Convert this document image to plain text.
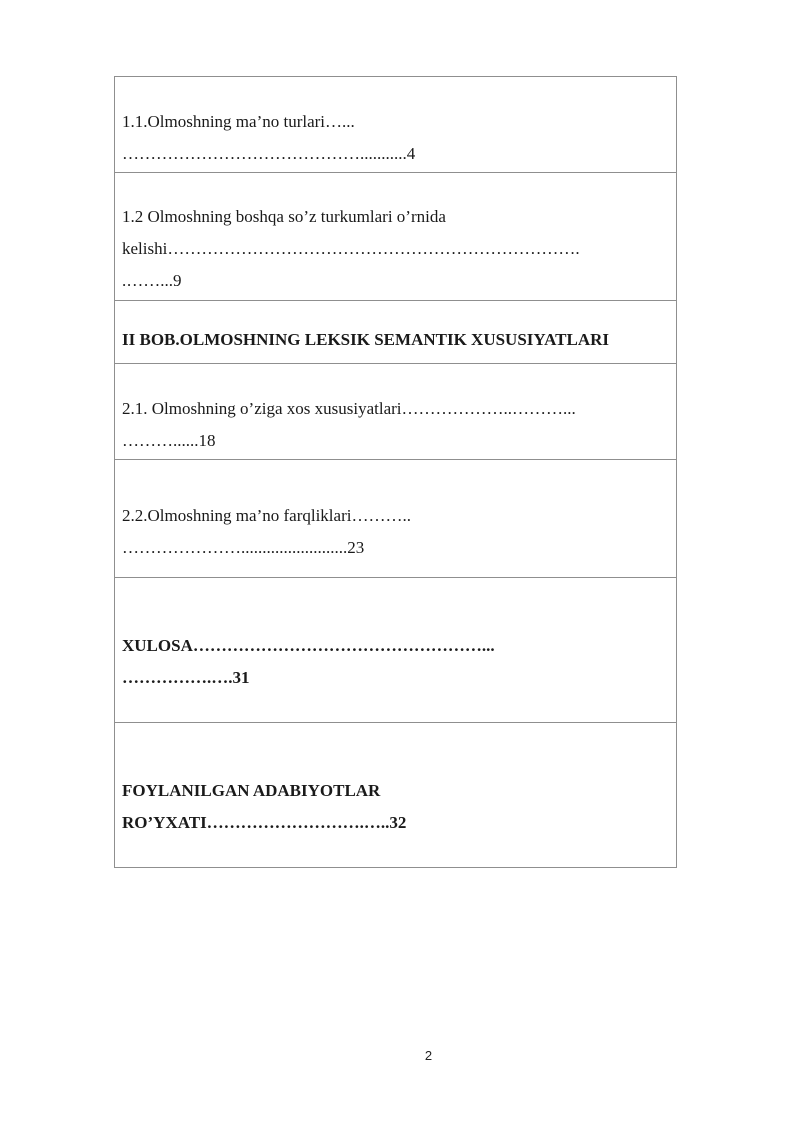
1.1.Olmoshning ma’no turlari…...
……………………………………...........4

1.2 Olmoshning boshqa so’z turkumlari o’rnida
kelishi……………………………………………………………….
.……...9

II BOB.OLMOSHNING LEKSIK SEMANTIK XUSUSIYATLARI

2.1. Olmoshning o’ziga xos xususiyatlari………………..………...
………......18

2.2.Olmoshning ma’no farqliklari………..
………………….........................23

XULOSA……………………………………………...
…………….….31

FOYLANILGAN ADABIYOTLAR
RO’YXATI……………………….…..32
2
